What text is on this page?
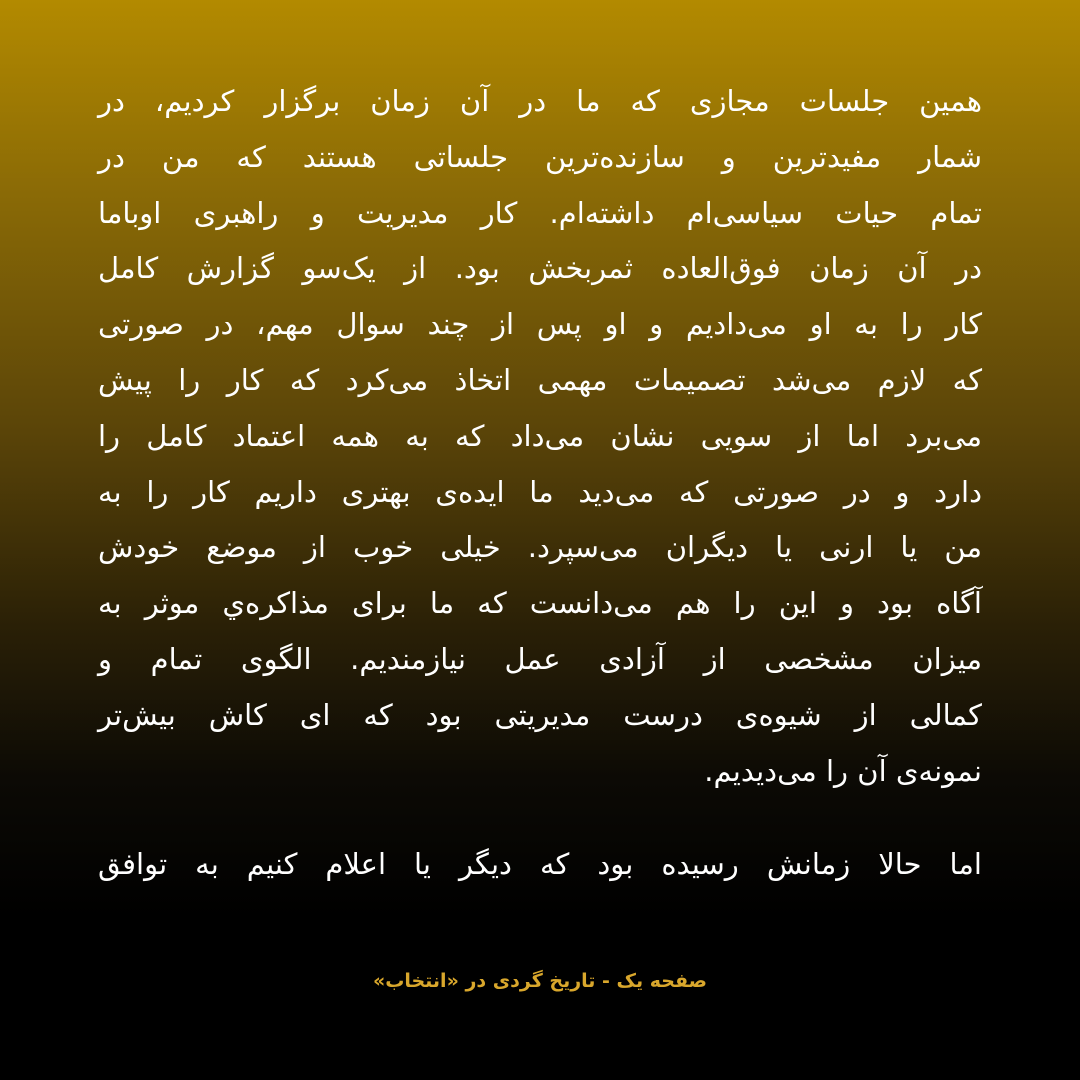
همین جلسات مجازی که ما در آن زمان برگزار کردیم، در
شمار مفیدترین و سازنده‌ترین جلساتی هستند که من در
تمام حیات سیاسی‌ام داشته‌ام. کار مدیریت و راهبری اوباما
در آن زمان فوق‌العاده ثمربخش بود. از یک‌سو گزارش کامل
کار را به او می‌دادیم و او پس از چند سوال مهم، در صورتی
که لازم می‌شد تصمیمات مهمی اتخاذ می‌کرد که کار را پیش
می‌برد اما از سویی نشان می‌داد که به همه اعتماد کامل را
دارد و در صورتی که می‌دید ما ایده‌ی بهتری داریم کار را به
من یا ارنی یا دیگران می‌سپرد. خیلی خوب از موضع خودش
آگاه بود و این را هم می‌دانست که ما برای مذاکره‌ي موثر به
میزان مشخصی از آزادی عمل نیازمندیم. الگوی تمام و
کمالی از شیوه‌ی درست مدیریتی بود که ای کاش بیش‌تر
نمونه‌ی آن را می‌دیدیم.
اما حالا زمانش رسیده بود که دیگر یا اعلام کنیم به توافق
صفحه یک - تاریخ گردی در «انتخاب»
